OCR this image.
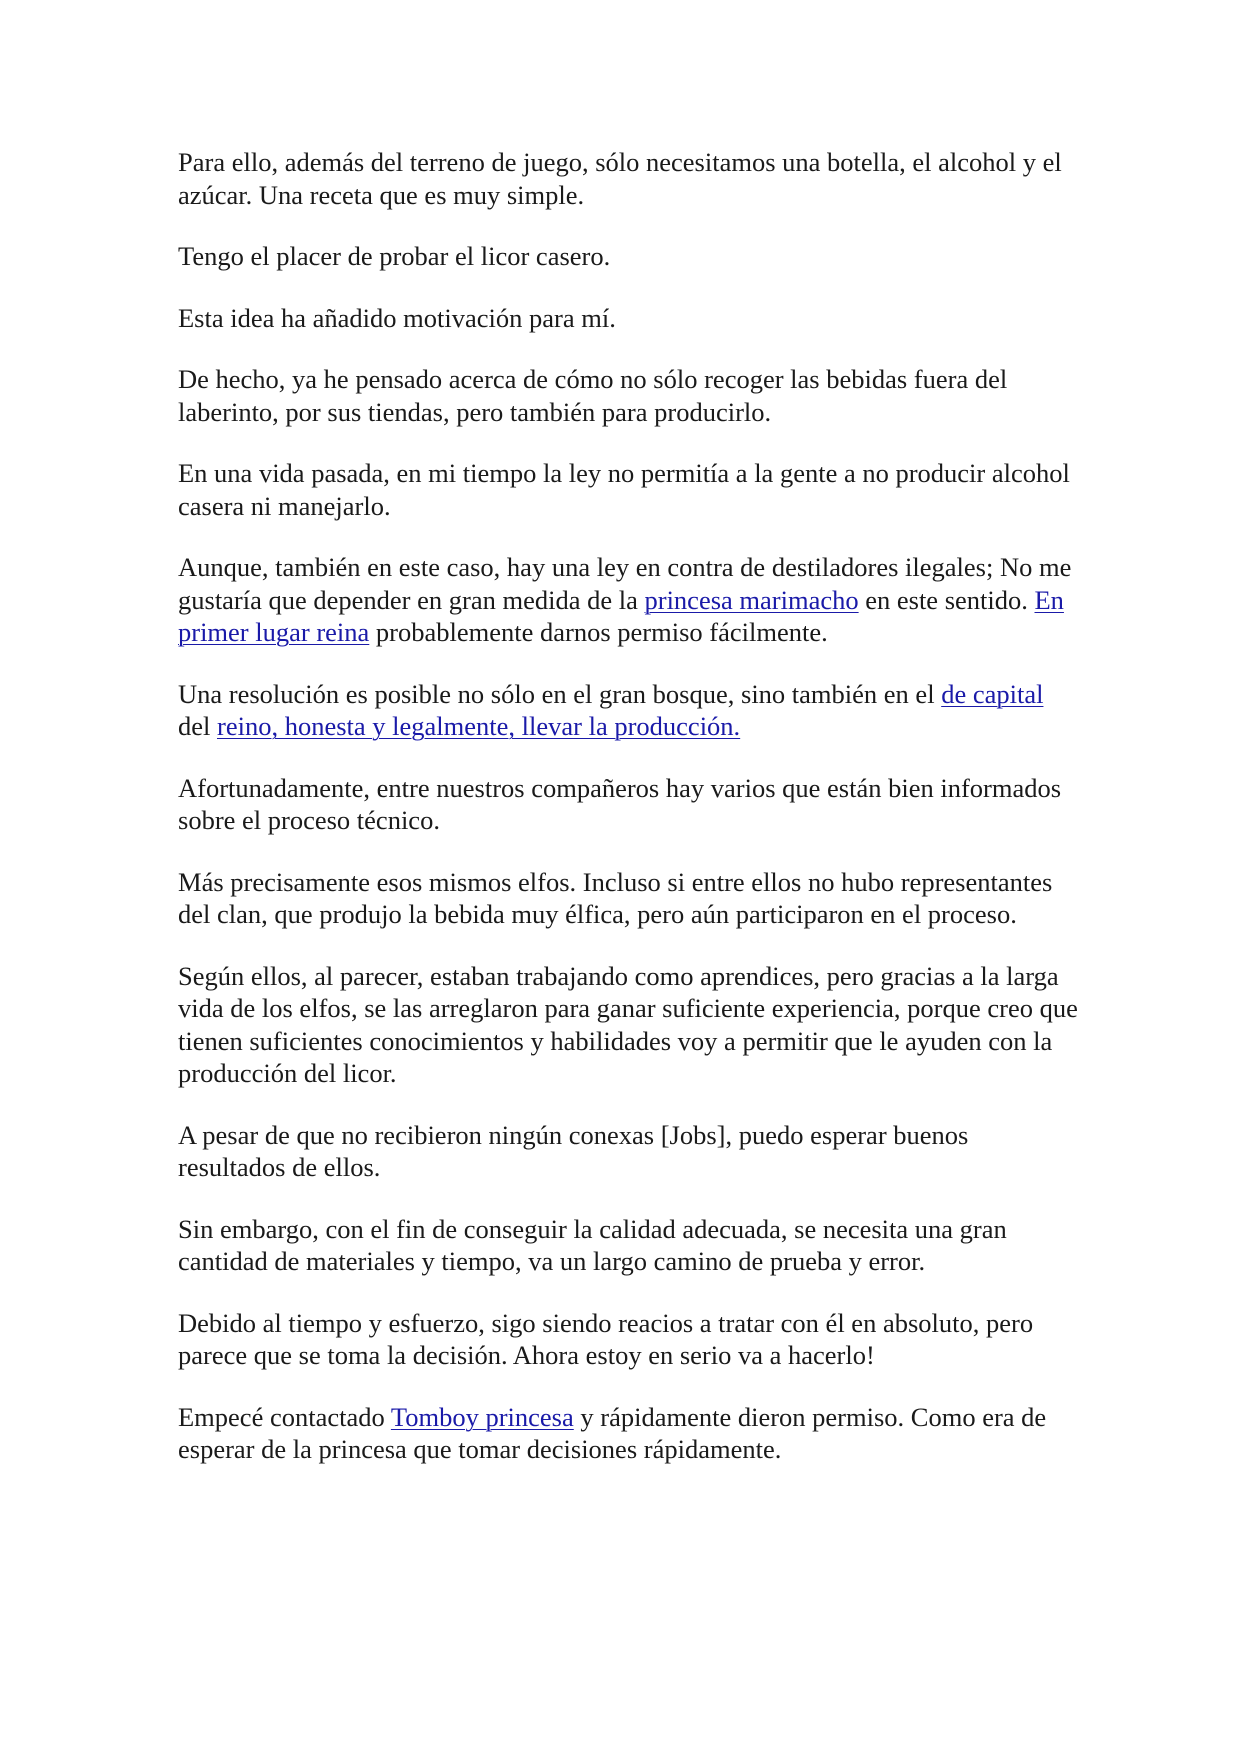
Para ello, además del terreno de juego, sólo necesitamos una botella, el alcohol y el azúcar. Una receta que es muy simple.

Tengo el placer de probar el licor casero.

Esta idea ha añadido motivación para mí.

De hecho, ya he pensado acerca de cómo no sólo recoger las bebidas fuera del laberinto, por sus tiendas, pero también para producirlo.

En una vida pasada, en mi tiempo la ley no permitía a la gente a no producir alcohol casera ni manejarlo.

Aunque, también en este caso, hay una ley en contra de destiladores ilegales; No me gustaría que depender en gran medida de la princesa marimacho en este sentido. En primer lugar reina probablemente darnos permiso fácilmente.

Una resolución es posible no sólo en el gran bosque, sino también en el de capital del reino, honesta y legalmente, llevar la producción.

Afortunadamente, entre nuestros compañeros hay varios que están bien informados sobre el proceso técnico.

Más precisamente esos mismos elfos. Incluso si entre ellos no hubo representantes del clan, que produjo la bebida muy élfica, pero aún participaron en el proceso.

Según ellos, al parecer, estaban trabajando como aprendices, pero gracias a la larga vida de los elfos, se las arreglaron para ganar suficiente experiencia, porque creo que tienen suficientes conocimientos y habilidades voy a permitir que le ayuden con la producción del licor.

A pesar de que no recibieron ningún conexas [Jobs], puedo esperar buenos resultados de ellos.

Sin embargo, con el fin de conseguir la calidad adecuada, se necesita una gran cantidad de materiales y tiempo, va un largo camino de prueba y error.

Debido al tiempo y esfuerzo, sigo siendo reacios a tratar con él en absoluto, pero parece que se toma la decisión. Ahora estoy en serio va a hacerlo!

Empecé contactado Tomboy princesa y rápidamente dieron permiso. Como era de esperar de la princesa que tomar decisiones rápidamente.
